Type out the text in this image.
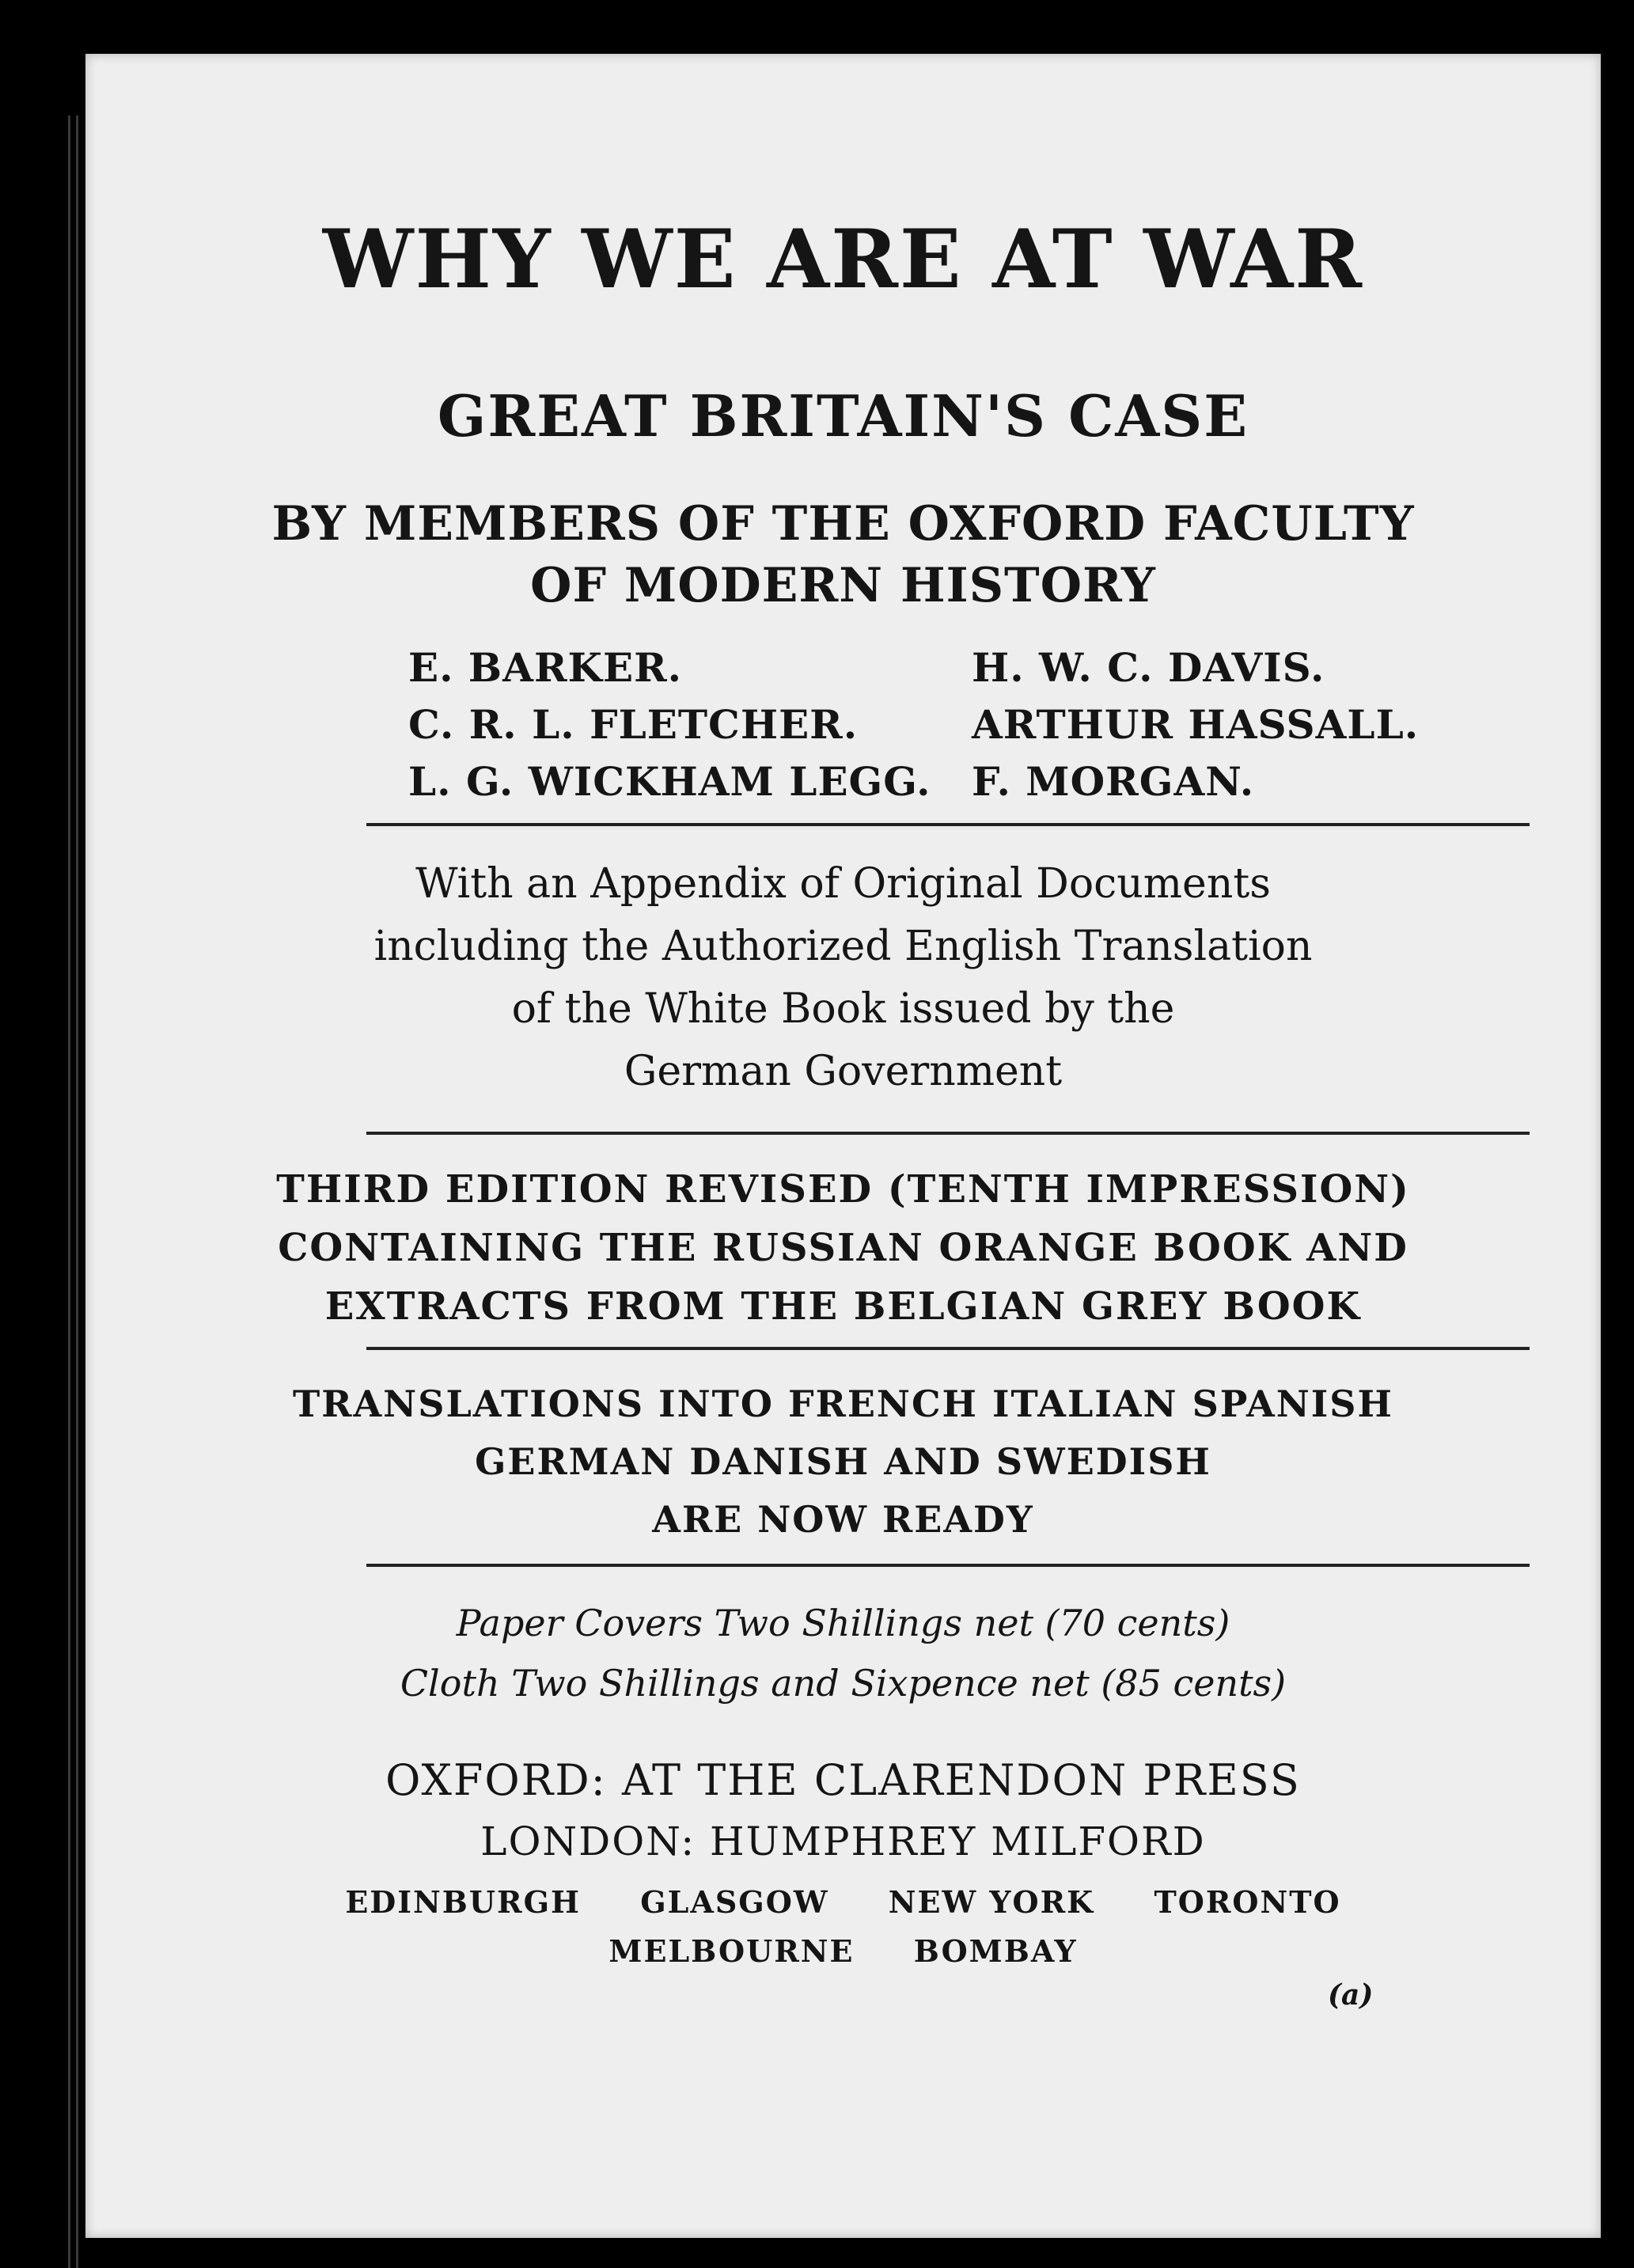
WHY WE ARE AT WAR
GREAT BRITAIN'S CASE
BY MEMBERS OF THE OXFORD FACULTY
OF MODERN HISTORY
E. BARKER.
C. R. L. FLETCHER.
L. G. WICKHAM LEGG.
H. W. C. DAVIS.
ARTHUR HASSALL.
F. MORGAN.
With an Appendix of Original Documents
including the Authorized English Translation
of the White Book issued by the
German Government
THIRD EDITION REVISED (TENTH IMPRESSION)
CONTAINING THE RUSSIAN ORANGE BOOK AND
EXTRACTS FROM THE BELGIAN GREY BOOK
TRANSLATIONS INTO FRENCH ITALIAN SPANISH
GERMAN DANISH AND SWEDISH
ARE NOW READY
Paper Covers Two Shillings net (70 cents)
Cloth Two Shillings and Sixpence net (85 cents)
OXFORD: AT THE CLARENDON PRESS
LONDON: HUMPHREY MILFORD
EDINBURGH GLASGOW NEW YORK TORONTO
MELBOURNE BOMBAY
(a)
